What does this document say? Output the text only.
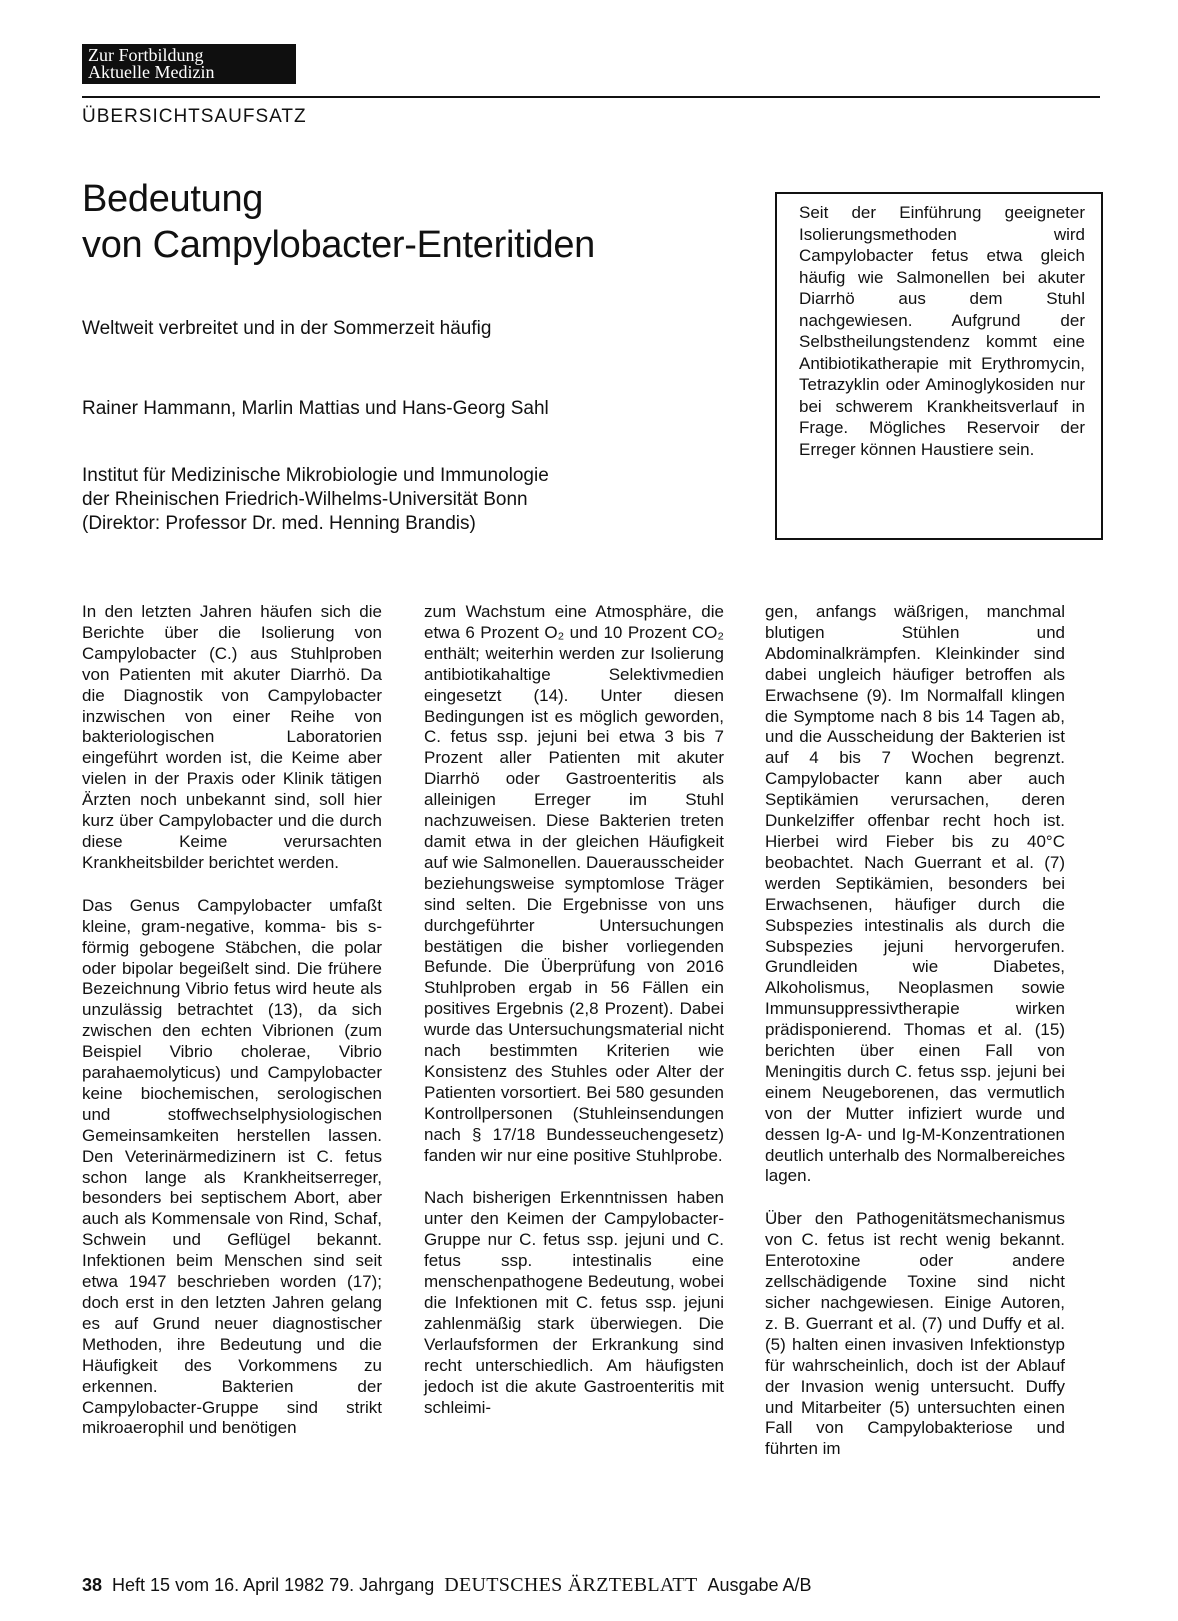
Zur Fortbildung
Aktuelle Medizin
ÜBERSICHTSAUFSATZ
Bedeutung
von Campylobacter-Enteritiden
Weltweit verbreitet und in der Sommerzeit häufig
Rainer Hammann, Marlin Mattias und Hans-Georg Sahl
Institut für Medizinische Mikrobiologie und Immunologie
der Rheinischen Friedrich-Wilhelms-Universität Bonn
(Direktor: Professor Dr. med. Henning Brandis)
Seit der Einführung geeigneter Isolierungsmethoden wird Campylobacter fetus etwa gleich häufig wie Salmonellen bei akuter Diarrhö aus dem Stuhl nachgewiesen. Aufgrund der Selbstheilungstendenz kommt eine Antibiotikatherapie mit Erythromycin, Tetrazyklin oder Aminoglykosiden nur bei schwerem Krankheitsverlauf in Frage. Mögliches Reservoir der Erreger können Haustiere sein.

In den letzten Jahren häufen sich die Berichte über die Isolierung von Campylobacter (C.) aus Stuhlproben von Patienten mit akuter Diarrhö. Da die Diagnostik von Campylobacter inzwischen von einer Reihe von bakteriologischen Laboratorien eingeführt worden ist, die Keime aber vielen in der Praxis oder Klinik tätigen Ärzten noch unbekannt sind, soll hier kurz über Campylobacter und die durch diese Keime verursachten Krankheitsbilder berichtet werden.

Das Genus Campylobacter umfaßt kleine, gram-negative, komma- bis s-förmig gebogene Stäbchen, die polar oder bipolar begeißelt sind. Die frühere Bezeichnung Vibrio fetus wird heute als unzulässig betrachtet (13), da sich zwischen den echten Vibrionen (zum Beispiel Vibrio cholerae, Vibrio parahaemolyticus) und Campylobacter keine biochemischen, serologischen und stoffwechselphysiologischen Gemeinsamkeiten herstellen lassen. Den Veterinärmedizinern ist C. fetus schon lange als Krankheitserreger, besonders bei septischem Abort, aber auch als Kommensale von Rind, Schaf, Schwein und Geflügel bekannt. Infektionen beim Menschen sind seit etwa 1947 beschrieben worden (17); doch erst in den letzten Jahren gelang es auf Grund neuer diagnostischer Methoden, ihre Bedeutung und die Häufigkeit des Vorkommens zu erkennen. Bakterien der Campylobacter-Gruppe sind strikt mikroaerophil und benötigen

zum Wachstum eine Atmosphäre, die etwa 6 Prozent O₂ und 10 Prozent CO₂ enthält; weiterhin werden zur Isolierung antibiotikahaltige Selektivmedien eingesetzt (14). Unter diesen Bedingungen ist es möglich geworden, C. fetus ssp. jejuni bei etwa 3 bis 7 Prozent aller Patienten mit akuter Diarrhö oder Gastroenteritis als alleinigen Erreger im Stuhl nachzuweisen. Diese Bakterien treten damit etwa in der gleichen Häufigkeit auf wie Salmonellen. Dauerausscheider beziehungsweise symptomlose Träger sind selten. Die Ergebnisse von uns durchgeführter Untersuchungen bestätigen die bisher vorliegenden Befunde. Die Überprüfung von 2016 Stuhlproben ergab in 56 Fällen ein positives Ergebnis (2,8 Prozent). Dabei wurde das Untersuchungsmaterial nicht nach bestimmten Kriterien wie Konsistenz des Stuhles oder Alter der Patienten vorsortiert. Bei 580 gesunden Kontrollpersonen (Stuhleinsendungen nach § 17/18 Bundesseuchengesetz) fanden wir nur eine positive Stuhlprobe.

Nach bisherigen Erkenntnissen haben unter den Keimen der Campylobacter-Gruppe nur C. fetus ssp. jejuni und C. fetus ssp. intestinalis eine menschenpathogene Bedeutung, wobei die Infektionen mit C. fetus ssp. jejuni zahlenmäßig stark überwiegen. Die Verlaufsformen der Erkrankung sind recht unterschiedlich. Am häufigsten jedoch ist die akute Gastroenteritis mit schleimi-

gen, anfangs wäßrigen, manchmal blutigen Stühlen und Abdominalkrämpfen. Kleinkinder sind dabei ungleich häufiger betroffen als Erwachsene (9). Im Normalfall klingen die Symptome nach 8 bis 14 Tagen ab, und die Ausscheidung der Bakterien ist auf 4 bis 7 Wochen begrenzt. Campylobacter kann aber auch Septikämien verursachen, deren Dunkelziffer offenbar recht hoch ist. Hierbei wird Fieber bis zu 40°C beobachtet. Nach Guerrant et al. (7) werden Septikämien, besonders bei Erwachsenen, häufiger durch die Subspezies intestinalis als durch die Subspezies jejuni hervorgerufen. Grundleiden wie Diabetes, Alkoholismus, Neoplasmen sowie Immunsuppressivtherapie wirken prädisponierend. Thomas et al. (15) berichten über einen Fall von Meningitis durch C. fetus ssp. jejuni bei einem Neugeborenen, das vermutlich von der Mutter infiziert wurde und dessen Ig-A- und Ig-M-Konzentrationen deutlich unterhalb des Normalbereiches lagen.

Über den Pathogenitätsmechanismus von C. fetus ist recht wenig bekannt. Enterotoxine oder andere zellschädigende Toxine sind nicht sicher nachgewiesen. Einige Autoren, z. B. Guerrant et al. (7) und Duffy et al. (5) halten einen invasiven Infektionstyp für wahrscheinlich, doch ist der Ablauf der Invasion wenig untersucht. Duffy und Mitarbeiter (5) untersuchten einen Fall von Campylobakteriose und führten im

38 Heft 15 vom 16. April 1982 79. Jahrgang DEUTSCHES ÄRZTEBLATT Ausgabe A/B
